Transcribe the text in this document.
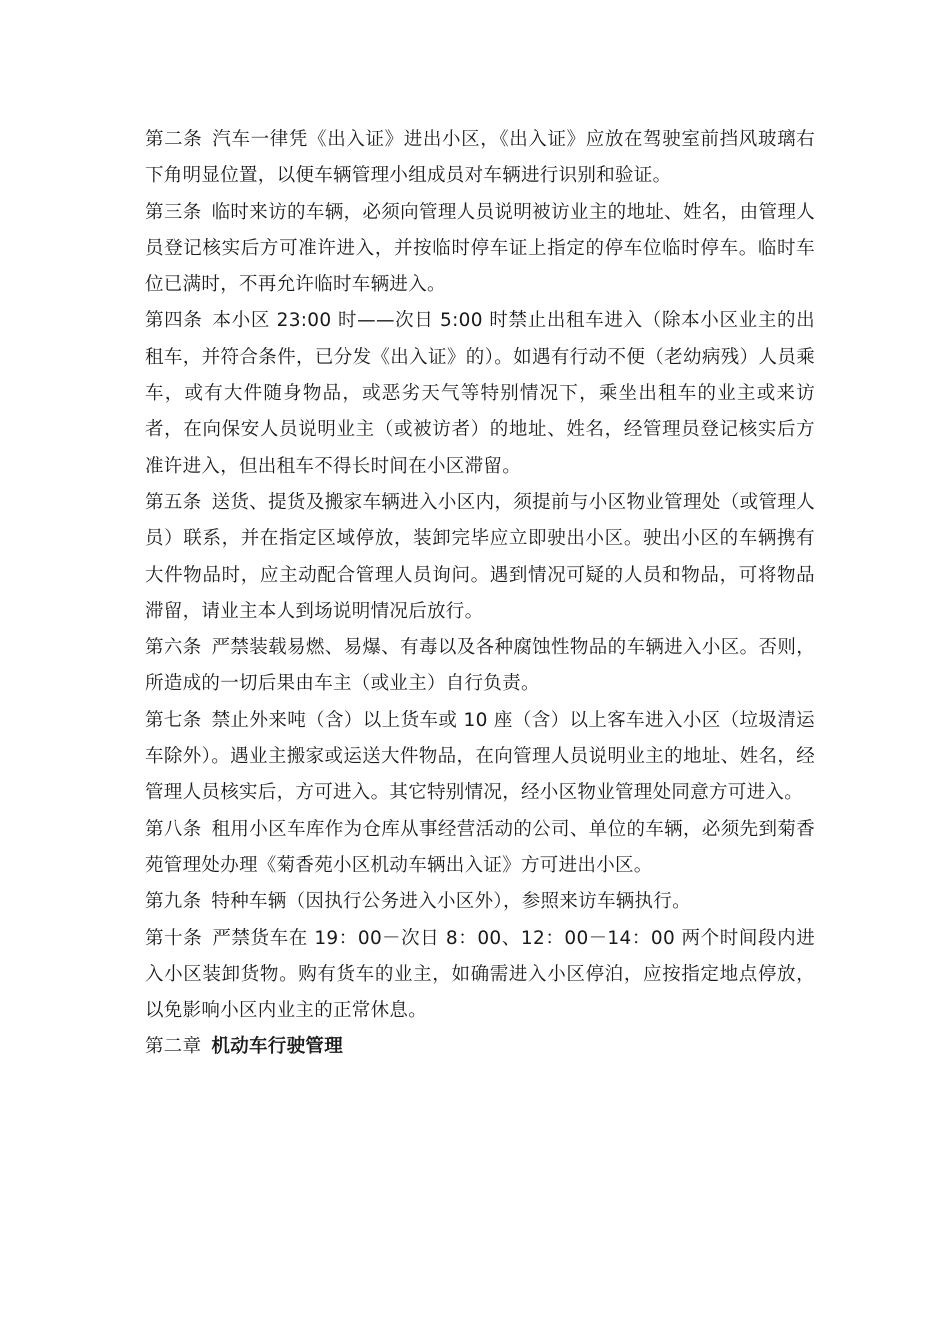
第二条 汽车一律凭《出入证》进出小区，《出入证》应放在驾驶室前挡风玻璃右下角明显位置，以便车辆管理小组成员对车辆进行识别和验证。

第三条 临时来访的车辆，必须向管理人员说明被访业主的地址、姓名，由管理人员登记核实后方可准许进入，并按临时停车证上指定的停车位临时停车。临时车位已满时，不再允许临时车辆进入。

第四条 本小区 23:00 时——次日 5:00 时禁止出租车进入（除本小区业主的出租车，并符合条件，已分发《出入证》的）。如遇有行动不便（老幼病残）人员乘车，或有大件随身物品，或恶劣天气等特别情况下，乘坐出租车的业主或来访者，在向保安人员说明业主（或被访者）的地址、姓名，经管理员登记核实后方准许进入，但出租车不得长时间在小区滞留。

第五条 送货、提货及搬家车辆进入小区内，须提前与小区物业管理处（或管理人员）联系，并在指定区域停放，装卸完毕应立即驶出小区。驶出小区的车辆携有大件物品时，应主动配合管理人员询问。遇到情况可疑的人员和物品，可将物品滞留，请业主本人到场说明情况后放行。

第六条 严禁装载易燃、易爆、有毒以及各种腐蚀性物品的车辆进入小区。否则，所造成的一切后果由车主（或业主）自行负责。

第七条 禁止外来吨（含）以上货车或 10 座（含）以上客车进入小区（垃圾清运车除外）。遇业主搬家或运送大件物品，在向管理人员说明业主的地址、姓名，经管理人员核实后，方可进入。其它特别情况，经小区物业管理处同意方可进入。

第八条 租用小区车库作为仓库从事经营活动的公司、单位的车辆，必须先到菊香苑管理处办理《菊香苑小区机动车辆出入证》方可进出小区。

第九条 特种车辆（因执行公务进入小区外），参照来访车辆执行。

第十条 严禁货车在 19：00－次日 8：00、12：00－14：00 两个时间段内进入小区装卸货物。购有货车的业主，如确需进入小区停泊，应按指定地点停放，以免影响小区内业主的正常休息。

第二章 机动车行驶管理
